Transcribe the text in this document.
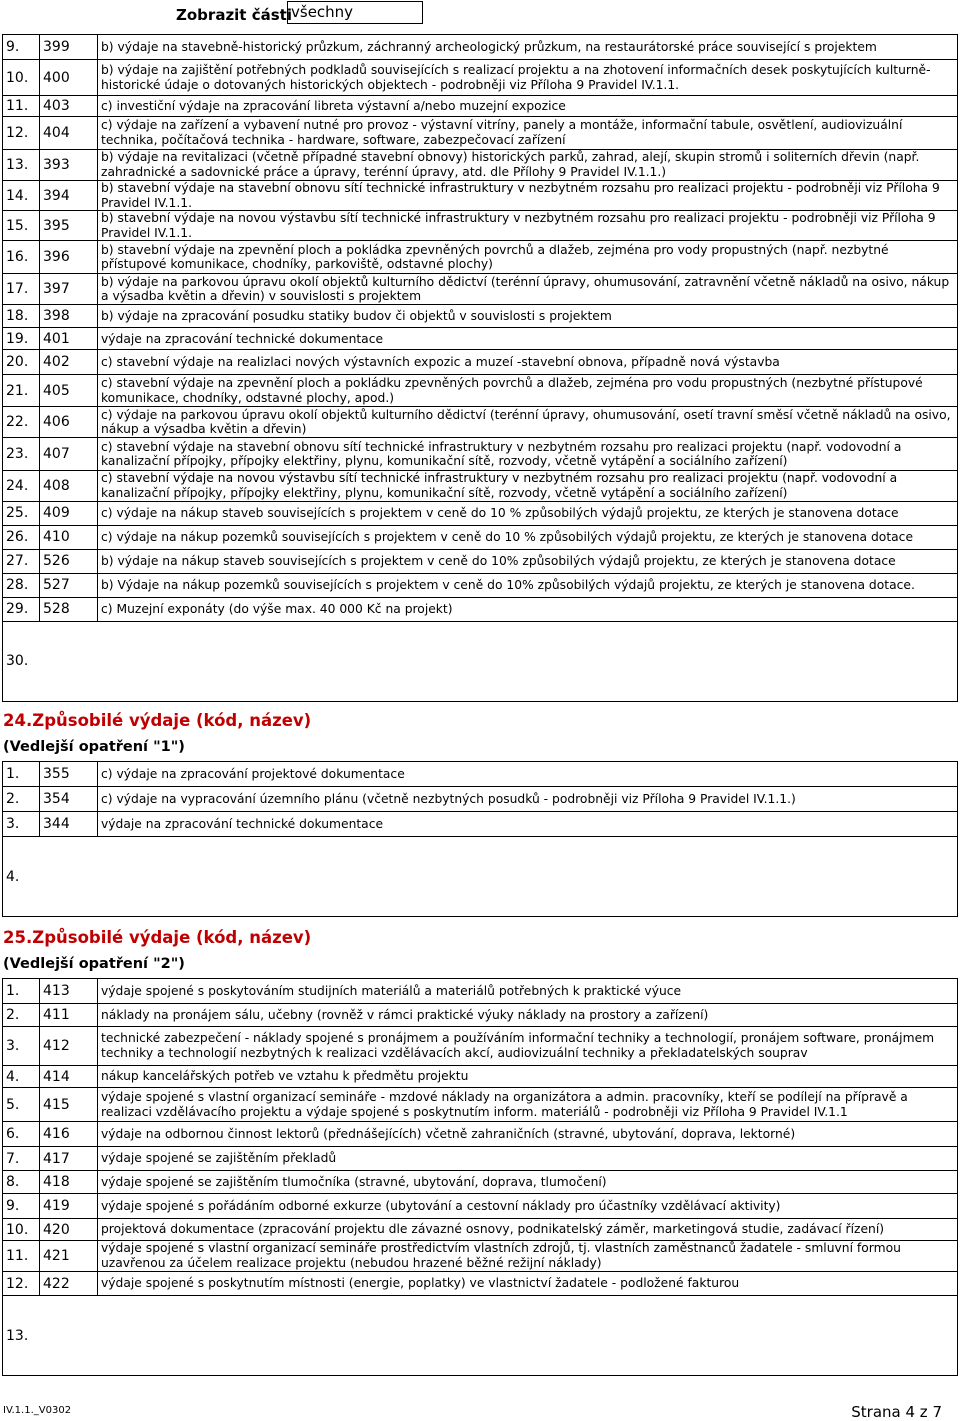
Zobrazit části všechny
9.	399	b) výdaje na stavebně-historický průzkum, záchranný archeologický průzkum, na restaurátorské práce související s projektem
10.	400	b) výdaje na zajištění potřebných podkladů souvisejících s realizací projektu a na zhotovení informačních desek poskytujících kulturně-historické údaje o dotovaných historických objektech - podrobněji viz Příloha 9 Pravidel IV.1.1.
11.	403	c) investiční výdaje na zpracování libreta výstavní a/nebo muzejní expozice
12.	404	c) výdaje na zařízení a vybavení nutné pro provoz - výstavní vitríny, panely a montáže, informační tabule, osvětlení, audiovizuální technika, počítačová technika - hardware, software, zabezpečovací zařízení
13.	393	b) výdaje na revitalizaci (včetně případné stavební obnovy) historických parků, zahrad, alejí, skupin stromů i soliterních dřevin (např. zahradnické a sadovnické práce a úpravy, terénní úpravy, atd. dle Přílohy 9 Pravidel IV.1.1.)
14.	394	b) stavební výdaje na stavební obnovu sítí technické infrastruktury v nezbytném rozsahu pro realizaci projektu - podrobněji viz Příloha 9 Pravidel IV.1.1.
15.	395	b) stavební výdaje na novou výstavbu sítí technické infrastruktury v nezbytném rozsahu pro realizaci projektu - podrobněji viz Příloha 9 Pravidel IV.1.1.
16.	396	b) stavební výdaje na zpevnění ploch a pokládka zpevněných povrchů a dlažeb, zejména pro vody propustných (např. nezbytné přístupové komunikace, chodníky, parkoviště, odstavné plochy)
17.	397	b) výdaje na parkovou úpravu okolí objektů kulturního dědictví (terénní úpravy, ohumusování, zatravnění včetně nákladů na osivo, nákup a výsadba květin a dřevin) v souvislosti s projektem
18.	398	b) výdaje na zpracování posudku statiky budov či objektů v souvislosti s projektem
19.	401	výdaje na zpracování technické dokumentace
20.	402	c) stavební výdaje na realizlaci nových výstavních expozic a muzeí -stavební obnova, případně nová výstavba
21.	405	c) stavební výdaje na zpevnění ploch a pokládku zpevněných povrchů a dlažeb, zejména pro vodu propustných (nezbytné přístupové komunikace, chodníky, odstavné plochy, apod.)
22.	406	c) výdaje na parkovou úpravu okolí objektů kulturního dědictví (terénní úpravy, ohumusování, osetí travní směsí včetně nákladů na osivo, nákup a výsadba květin a dřevin)
23.	407	c) stavební výdaje na stavební obnovu sítí technické infrastruktury v nezbytném rozsahu pro realizaci projektu (např. vodovodní a kanalizační přípojky, přípojky elektřiny, plynu, komunikační sítě, rozvody, včetně vytápění a sociálního zařízení)
24.	408	c) stavební výdaje na novou výstavbu sítí technické infrastruktury v nezbytném rozsahu pro realizaci projektu (např. vodovodní a kanalizační přípojky, přípojky elektřiny, plynu, komunikační sítě, rozvody, včetně vytápění a sociálního zařízení)
25.	409	c) výdaje na nákup staveb souvisejících s projektem v ceně do 10 % způsobilých výdajů projektu, ze kterých je stanovena dotace
26.	410	c) výdaje na nákup pozemků souvisejících s projektem v ceně do 10 % způsobilých výdajů projektu, ze kterých je stanovena dotace
27.	526	b) výdaje na nákup staveb souvisejících s projektem v ceně do 10% způsobilých výdajů projektu, ze kterých je stanovena dotace
28.	527	b) Výdaje na nákup pozemků souvisejících s projektem v ceně do 10% způsobilých výdajů projektu, ze kterých je stanovena dotace.
29.	528	c) Muzejní exponáty (do výše max. 40 000 Kč na projekt)
30.		
24.Způsobilé výdaje (kód, název)
(Vedlejší opatření "1")
1.	355	c) výdaje na zpracování projektové dokumentace
2.	354	c) výdaje na vypracování územního plánu (včetně nezbytných posudků - podrobněji viz Příloha 9 Pravidel IV.1.1.)
3.	344	výdaje na zpracování technické dokumentace
4.		
25.Způsobilé výdaje (kód, název)
(Vedlejší opatření "2")
1.	413	výdaje spojené s poskytováním studijních materiálů a materiálů potřebných k praktické výuce
2.	411	náklady na pronájem sálu, učebny (rovněž v rámci praktické výuky náklady na prostory a zařízení)
3.	412	technické zabezpečení - náklady spojené s pronájmem a používáním informační techniky a technologií, pronájem software, pronájmem techniky a technologií nezbytných k realizaci vzdělávacích akcí, audiovizuální techniky a překladatelských souprav
4.	414	nákup kancelářských potřeb ve vztahu k předmětu projektu
5.	415	výdaje spojené s vlastní organizací semináře - mzdové náklady na organizátora a admin. pracovníky, kteří se podílejí na přípravě a realizaci vzdělávacího projektu a výdaje spojené s poskytnutím inform. materiálů - podrobněji viz Příloha 9 Pravidel IV.1.1
6.	416	výdaje na odbornou činnost lektorů (přednášejících) včetně zahraničních (stravné, ubytování, doprava, lektorné)
7.	417	výdaje spojené se zajištěním překladů
8.	418	výdaje spojené se zajištěním tlumočníka (stravné, ubytování, doprava, tlumočení)
9.	419	výdaje spojené s pořádáním odborné exkurze (ubytování a cestovní náklady pro účastníky vzdělávací aktivity)
10.	420	projektová dokumentace (zpracování projektu dle závazné osnovy, podnikatelský záměr, marketingová studie, zadávací řízení)
11.	421	výdaje spojené s vlastní organizací semináře prostředictvím vlastních zdrojů, tj. vlastních zaměstnanců žadatele - smluvní formou uzavřenou za účelem realizace projektu (nebudou hrazené běžné režijní náklady)
12.	422	výdaje spojené s poskytnutím místnosti (energie, poplatky) ve vlastnictví žadatele - podložené fakturou
13.		
IV.1.1._V0302	Strana 4 z 7
